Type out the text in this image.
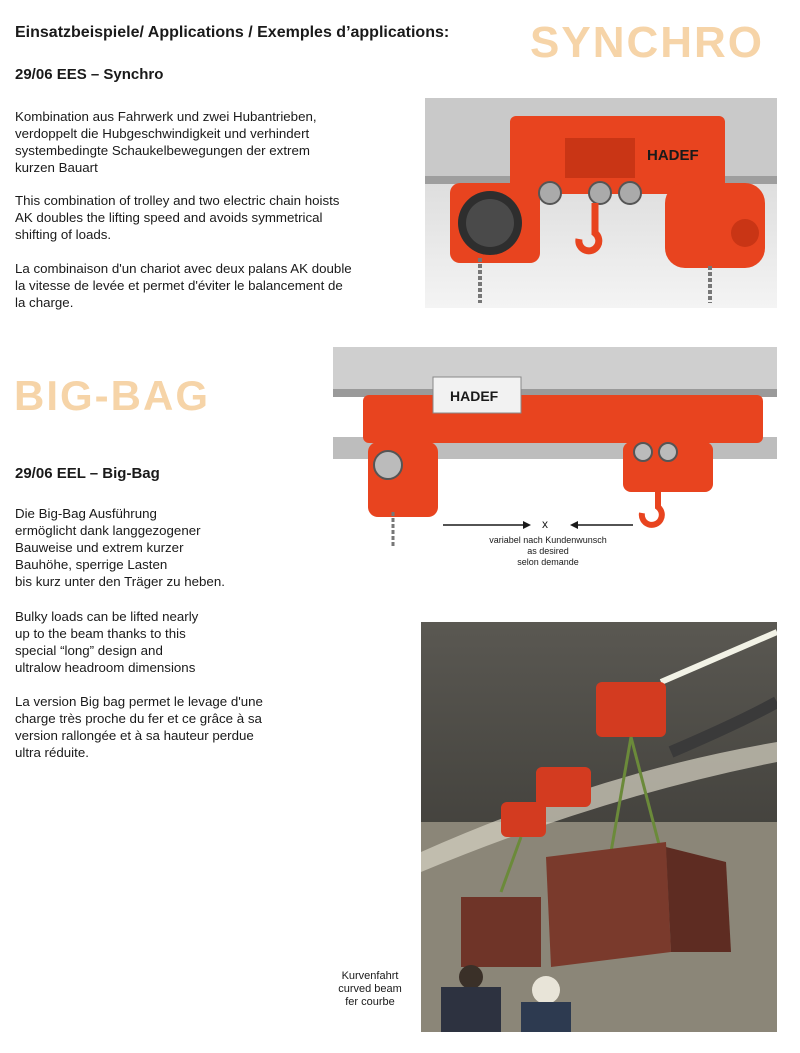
Einsatzbeispiele/ Applications / Exemples d’applications: SYNCHRO
29/06 EES – Synchro
Kombination aus Fahrwerk und zwei Hubantrieben,
verdoppelt die Hubgeschwindigkeit und verhindert
systembedingte Schaukelbewegungen der extrem
kurzen Bauart
This combination of trolley and two electric chain hoists
AK doubles the lifting speed and avoids symmetrical
shifting of loads.
La combinaison d'un chariot avec deux palans AK double
la vitesse de levée et permet d'éviter le balancement de
la charge.
HADEF
BIG-BAG	HADEF
x
variabel nach Kundenwunsch
as desired
selon demande
29/06 EEL – Big-Bag
Die Big-Bag Ausführung
ermöglicht dank langgezogener
Bauweise und extrem kurzer
Bauhöhe, sperrige Lasten
bis kurz unter den Träger zu heben.
Bulky loads can be lifted nearly
up to the beam thanks to this
special “long” design and
ultralow headroom dimensions
La version Big bag permet le levage d'une
charge très proche du fer et ce grâce à sa
version rallongée et à sa hauteur perdue
ultra réduite.
Kurvenfahrt
curved beam
fer courbe
